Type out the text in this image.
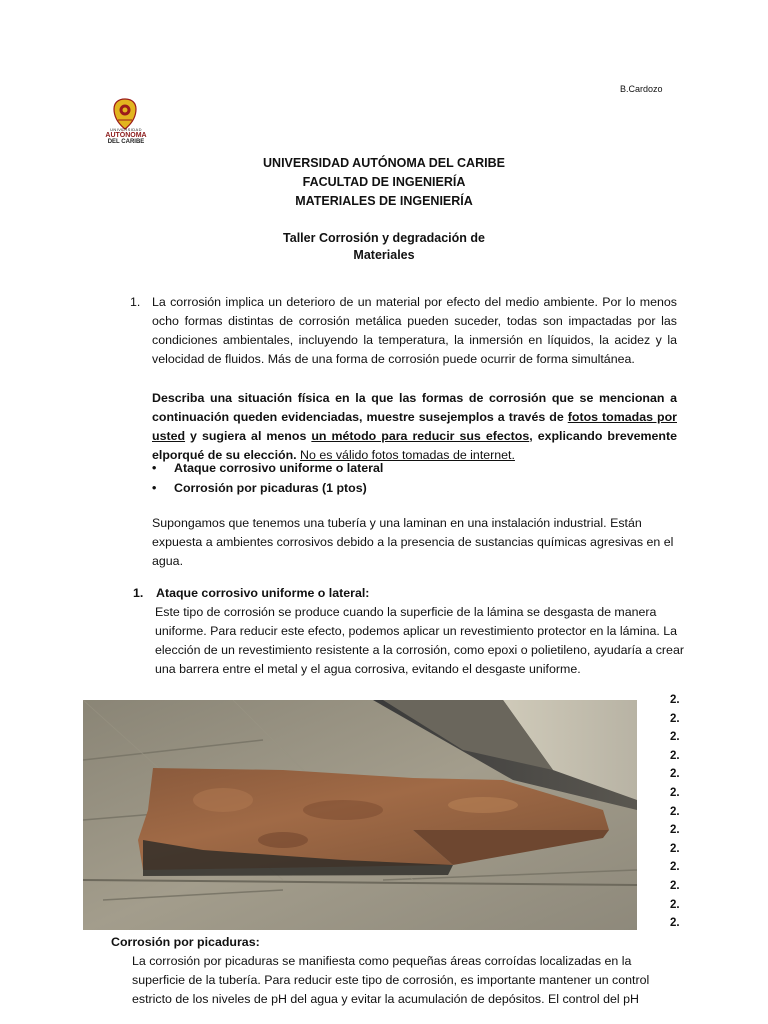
B.Cardozo
UNIVERSIDAD
AUTÓNOMA
DEL CARIBE
UNIVERSIDAD AUTÓNOMA DEL CARIBE
FACULTAD DE INGENIERÍA
MATERIALES DE INGENIERÍA
Taller Corrosión y degradación de
Materiales
1. La corrosión implica un deterioro de un material por efecto del medio ambiente. Por lo menos ocho formas distintas de corrosión metálica pueden suceder, todas son impactadas por las condiciones ambientales, incluyendo la temperatura, la inmersión en líquidos, la acidez y la velocidad de fluidos. Más de una forma de corrosión puede ocurrir de forma simultánea.
Describa una situación física en la que las formas de corrosión que se mencionan a continuación queden evidenciadas, muestre susejemplos a través de fotos tomadas por usted y sugiera al menos un método para reducir sus efectos, explicando brevemente elporqué de su elección. No es válido fotos tomadas de internet.
• Ataque corrosivo uniforme o lateral
• Corrosión por picaduras (1 ptos)
Supongamos que tenemos una tubería y una laminan en una instalación industrial. Están expuesta a ambientes corrosivos debido a la presencia de sustancias químicas agresivas en el agua.
1. Ataque corrosivo uniforme o lateral:
Este tipo de corrosión se produce cuando la superficie de la lámina se desgasta de manera uniforme. Para reducir este efecto, podemos aplicar un revestimiento protector en la lámina. La elección de un revestimiento resistente a la corrosión, como epoxi o polietileno, ayudaría a crear una barrera entre el metal y el agua corrosiva, evitando el desgaste uniforme.
2.
2.
2.
2.
2.
2.
2.
2.
2.
2.
2.
2.
2.
Corrosión por picaduras:
La corrosión por picaduras se manifiesta como pequeñas áreas corroídas localizadas en la superficie de la tubería. Para reducir este tipo de corrosión, es importante mantener un control estricto de los niveles de pH del agua y evitar la acumulación de depósitos. El control del pH
